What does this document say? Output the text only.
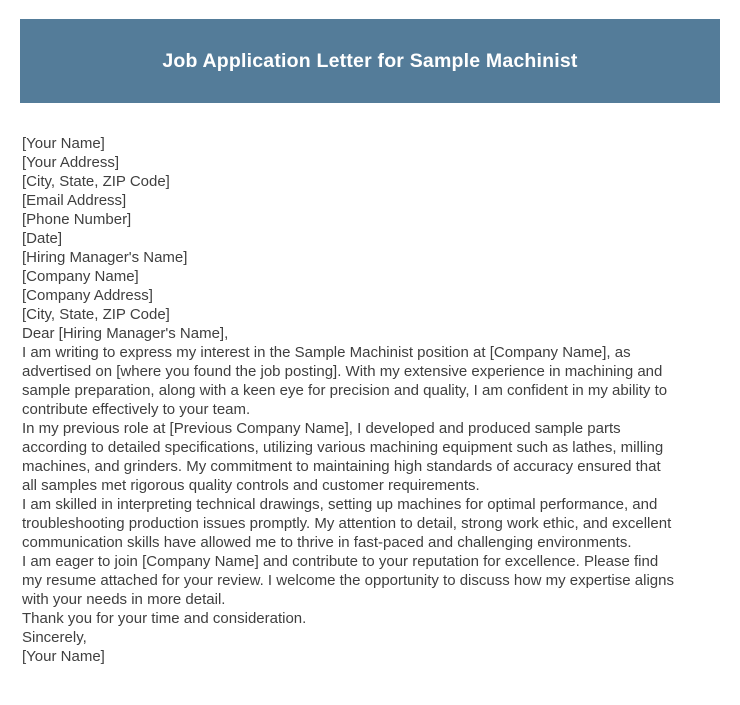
Job Application Letter for Sample Machinist
[Your Name]
[Your Address]
[City, State, ZIP Code]
[Email Address]
[Phone Number]
[Date]
[Hiring Manager's Name]
[Company Name]
[Company Address]
[City, State, ZIP Code]
Dear [Hiring Manager's Name],
I am writing to express my interest in the Sample Machinist position at [Company Name], as
advertised on [where you found the job posting]. With my extensive experience in machining and
sample preparation, along with a keen eye for precision and quality, I am confident in my ability to
contribute effectively to your team.
In my previous role at [Previous Company Name], I developed and produced sample parts
according to detailed specifications, utilizing various machining equipment such as lathes, milling
machines, and grinders. My commitment to maintaining high standards of accuracy ensured that
all samples met rigorous quality controls and customer requirements.
I am skilled in interpreting technical drawings, setting up machines for optimal performance, and
troubleshooting production issues promptly. My attention to detail, strong work ethic, and excellent
communication skills have allowed me to thrive in fast-paced and challenging environments.
I am eager to join [Company Name] and contribute to your reputation for excellence. Please find
my resume attached for your review. I welcome the opportunity to discuss how my expertise aligns
with your needs in more detail.
Thank you for your time and consideration.
Sincerely,
[Your Name]
